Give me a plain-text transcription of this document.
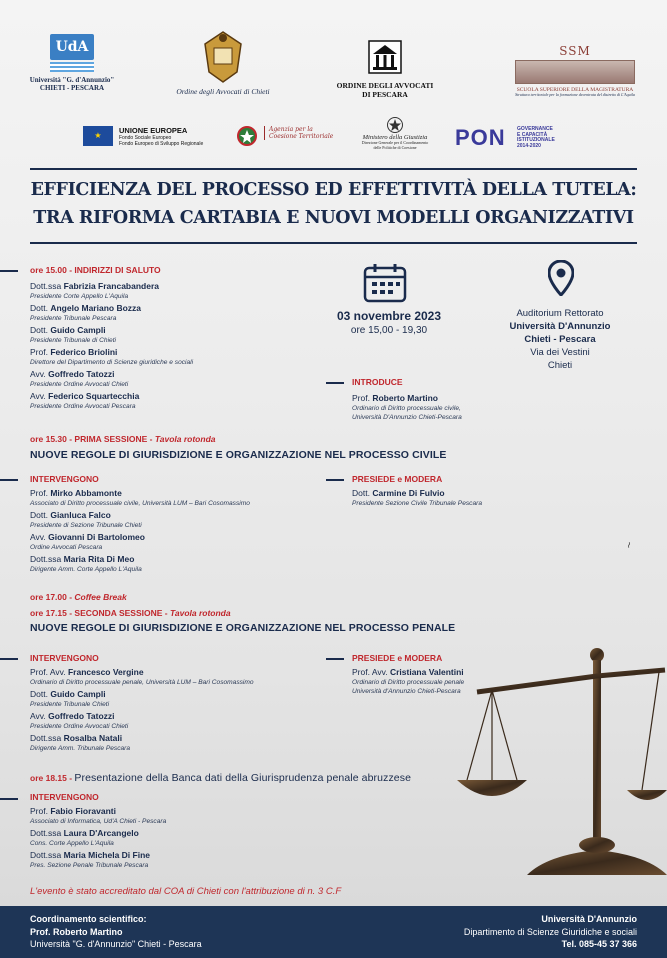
UdA
Università "G. d'Annunzio"
CHIETI - PESCARA	Ordine degli Avvocati di Chieti
ORDINE DEGLI AVVOCATI
DI PESCARA
SSM
SCUOLA SUPERIORE DELLA MAGISTRATURA
Struttura territoriale per la formazione decentrata del distretto di L'Aquila
★
UNIONE EUROPEA
Fondo Sociale Europeo
Fondo Europeo di Sviluppo Regionale
Agenzia per la
Coesione Territoriale	Ministero della Giustizia
Direzione Generale per il Coordinamento
delle Politiche di Coesione	PON GOVERNANCE
E CAPACITÀ
ISTITUZIONALE
2014-2020
EFFICIENZA DEL PROCESSO ED EFFETTIVITÀ DELLA TUTELA:
TRA RIFORMA CARTABIA E NUOVI MODELLI ORGANIZZATIVI
ore 15.00 - INDIRIZZI DI SALUTO
Dott.ssa Fabrizia Francabandera
Presidente Corte Appello L'Aquila
Dott. Angelo Mariano Bozza
Presidente Tribunale Pescara
Dott. Guido Campli
Presidente Tribunale di Chieti
Prof. Federico Briolini
Direttore del Dipartimento di Scienze giuridiche e sociali
Avv. Goffredo Tatozzi
Presidente Ordine Avvocati Chieti
Avv. Federico Squartecchia
Presidente Ordine Avvocati Pescara
03 novembre 2023
ore 15,00 - 19,30
Auditorium Rettorato
Università D'Annunzio
Chieti - Pescara
Via dei Vestini
Chieti
INTRODUCE
Prof. Roberto Martino
Ordinario di Diritto processuale civile,
Università D'Annunzio Chieti-Pescara
ore 15.30 - PRIMA SESSIONE - Tavola rotonda
NUOVE REGOLE DI GIURISDIZIONE E ORGANIZZAZIONE NEL PROCESSO CIVILE
INTERVENGONO
Prof. Mirko Abbamonte
Associato di Diritto processuale civile, Università LUM – Bari Cosomassimo
Dott. Gianluca Falco
Presidente di Sezione Tribunale Chieti
Avv. Giovanni Di Bartolomeo
Ordine Avvocati Pescara
Dott.ssa Maria Rita Di Meo
Dirigente Amm. Corte Appello L'Aquila
PRESIEDE e MODERA
Dott. Carmine Di Fulvio
Presidente Sezione Civile Tribunale Pescara
~
ore 17.00 - Coffee Break
ore 17.15 - SECONDA SESSIONE - Tavola rotonda
NUOVE REGOLE DI GIURISDIZIONE E ORGANIZZAZIONE NEL PROCESSO PENALE
INTERVENGONO
Prof. Avv. Francesco Vergine
Ordinario di Diritto processuale penale, Università LUM – Bari Cosomassimo
Dott. Guido Campli
Presidente Tribunale Chieti
Avv. Goffredo Tatozzi
Presidente Ordine Avvocati Chieti
Dott.ssa Rosalba Natali
Dirigente Amm. Tribunale Pescara
PRESIEDE e MODERA
Prof. Avv. Cristiana Valentini
Ordinario di Diritto processuale penale
Università d'Annunzio Chieti-Pescara
ore 18.15 - Presentazione della Banca dati della Giurisprudenza penale abruzzese
INTERVENGONO
Prof. Fabio Fioravanti
Associato di Informatica, Ud'A Chieti - Pescara
Dott.ssa Laura D'Arcangelo
Cons. Corte Appello L'Aquila
Dott.ssa Maria Michela Di Fine
Pres. Sezione Penale Tribunale Pescara
L'evento è stato accreditato dal COA di Chieti con l'attribuzione di n. 3 C.F
Coordinamento scientifico:
Prof. Roberto Martino
Università "G. d'Annunzio" Chieti - Pescara
Università D'Annunzio
Dipartimento di Scienze Giuridiche e sociali
Tel. 085-45 37 366
